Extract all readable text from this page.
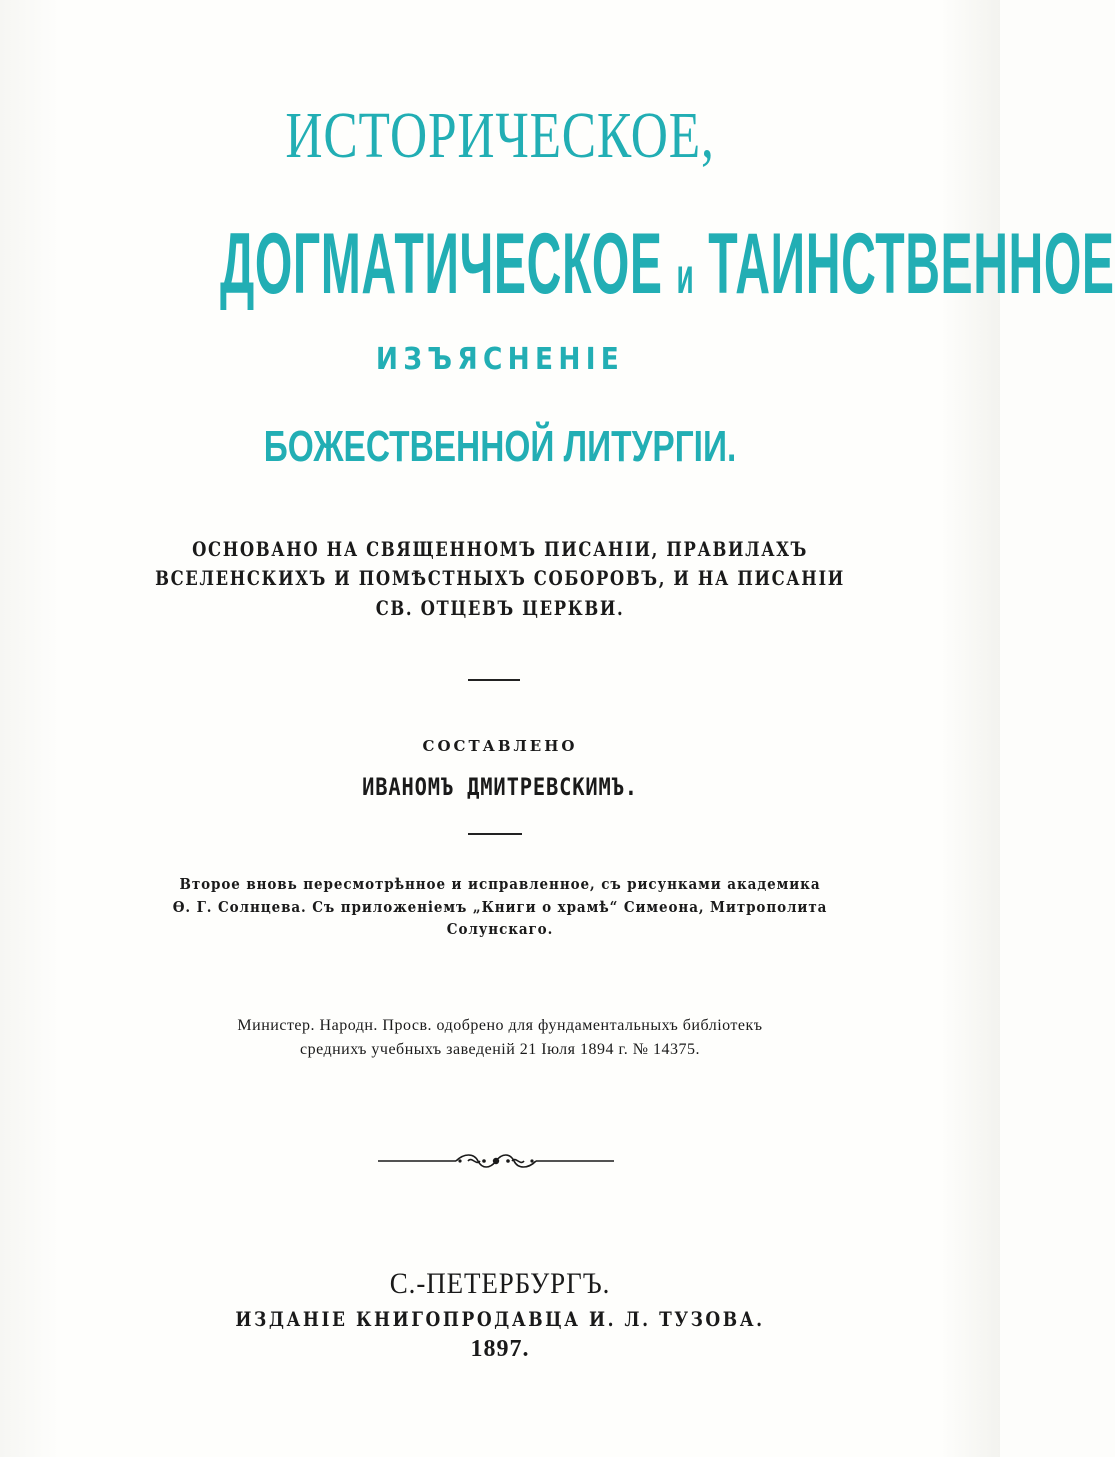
ИСТОРИЧЕСКОЕ,
ДОГМАТИЧЕСКОЕ и ТАИНСТВЕННОЕ
ИЗЪЯСНЕНІЕ
БОЖЕСТВЕННОЙ ЛИТУРГІИ.
ОСНОВАНО НА СВЯЩЕННОМЪ ПИСАНІИ, ПРАВИЛАХЪ
ВСЕЛЕНСКИХЪ И ПОМѢСТНЫХЪ СОБОРОВЪ, И НА ПИСАНІИ
СВ. ОТЦЕВЪ ЦЕРКВИ.
СОСТАВЛЕНО
ИВАНОМЪ ДМИТРЕВСКИМЪ.
Второе вновь пересмотрѣнное и исправленное, съ рисунками академика
Ѳ. Г. Солнцева. Съ приложеніемъ „Книги о храмѣ“ Симеона, Митрополита
Солунскаго.
Министер. Народн. Просв. одобрено для фундаментальныхъ библіотекъ
среднихъ учебныхъ заведеній 21 Іюля 1894 г. № 14375.
С.-ПЕТЕРБУРГЪ.
ИЗДАНІЕ КНИГОПРОДАВЦА И. Л. ТУЗОВА.
1897.
